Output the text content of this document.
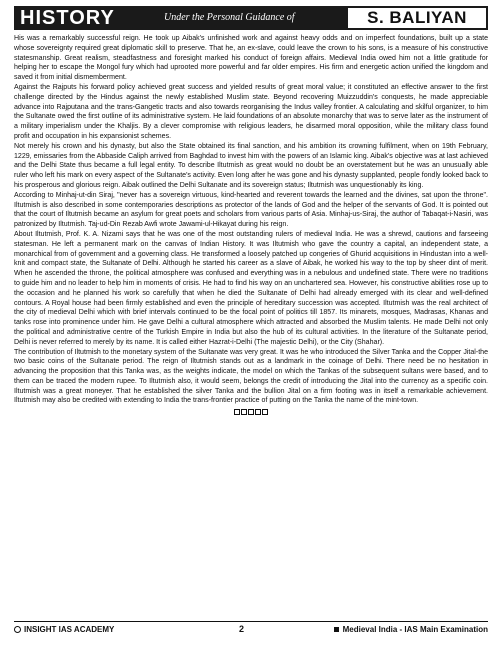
HISTORY	Under the Personal Guidance of	S. BALIYAN

His was a remarkably successful reign. He took up Aibak's unfinished work and against heavy odds and on imperfect foundations, built up a state whose sovereignty required great diplomatic skill to preserve. That he, an ex-slave, could leave the crown to his sons, is a measure of his constructive statesmanship. Great realism, steadfastness and foresight marked his conduct of foreign affairs. Medieval India owed him not a little gratitude for helping her to escape the Mongol fury which had uprooted more powerful and far older empires. His firm and energetic action unified the kingdom and saved it from initial dismemberment.

Against the Rajputs his forward policy achieved great success and yielded results of great moral value; it constituted an effective answer to the first challenge directed by the Hindus against the newly established Muslim state. Beyond recovering Muizzuddin's conquests, he made appreciable advance into Rajputana and the trans-Gangetic tracts and also towards reorganising the Indus valley frontier. A calculating and skilful organizer, to him the Sultanate owed the first outline of its administrative system. He laid foundations of an absolute monarchy that was to serve later as the instrument of a military imperialism under the Khaljis. By a clever compromise with religious leaders, he disarmed moral opposition, while the military class found profit and occupation in his expansionist schemes.

Not merely his crown and his dynasty, but also the State obtained its final sanction, and his ambition its crowning fulfilment, when on 19th February, 1229, emissaries from the Abbaside Caliph arrived from Baghdad to invest him with the powers of an Islamic king. Aibak's objective was at last achieved and the Delhi State thus became a full legal entity. To describe Iltutmish as great would no doubt be an overstatement but he was an unusually able ruler who left his mark on every aspect of the Sultanate's activity. Even long after he was gone and his dynasty supplanted, people fondly looked back to his prosperous and glorious reign. Aibak outlined the Delhi Sultanate and its sovereign status; Iltutmish was unquestionably its king.

According to Minhaj-ut-din Siraj, "never has a sovereign virtuous, kind-hearted and reverent towards the learned and the divines, sat upon the throne". Iltutmish is also described in some contemporaries descriptions as protector of the lands of God and the helper of the servants of God. It is pointed out that the court of Iltutmish became an asylum for great poets and scholars from various parts of Asia. Minhaj-us-Siraj, the author of Tabaqat-i-Nasiri, was patronized by Iltutmish. Taj-ud-Din Rezab Awfi wrote Jawami-ul-Hikayat during his reign.

About Iltutmish, Prof. K. A. Nizami says that he was one of the most outstanding rulers of medieval India. He was a shrewd, cautions and farseeing statesman. He left a permanent mark on the canvas of Indian History. It was Iltutmish who gave the country a capital, an independent state, a monarchical from of government and a governing class. He transformed a loosely patched up congeries of Ghurid acquisitions in Hindustan into a well-knit and compact state, the Sultanate of Delhi. Although he started his career as a slave of Aibak, he worked his way to the top by sheer dint of merit. When he ascended the throne, the political atmosphere was confused and everything was in a nebulous and undefined state. There were no traditions to guide him and no leader to help him in moments of crisis. He had to find his way on an unchartered sea. However, his constructive abilities rose up to the occasion and he planned his work so carefully that when he died the Sultanate of Delhi had already emerged with its clear and well-defined contours. A Royal house had been firmly established and even the principle of hereditary succession was accepted. Iltutmish was the real architect of the city of medieval Delhi which with brief intervals continued to be the focal point of politics till 1857. Its minarets, mosques, Madrasas, Khanas and tanks rose into prominence under him. He gave Delhi a cultural atmosphere which attracted and absorbed the Muslim talents. He made Delhi not only the political and administrative centre of the Turkish Empire in India but also the hub of its cultural activities. In the literature of the Sultanate period, Delhi is never referred to merely by its name. It is called either Hazrat-i-Delhi (The majestic Delhi), or the City (Shahar).

The contribution of Iltutmish to the monetary system of the Sultanate was very great. It was he who introduced the Silver Tanka and the Copper Jital-the two basic coins of the Sultanate period. The reign of Iltutmish stands out as a landmark in the coinage of Delhi. There need be no hesitation in advancing the proposition that this Tanka was, as the weights indicate, the model on which the Tankas of the subsequent sultans were based, and to them can be traced the modern rupee. To Iltutmish also, it would seem, belongs the credit of introducing the Jital into the currency as a specific coin. Iltutmish was a great moneyer. That he established the silver Tanka and the bullion Jital on a firm footing was in itself a remarkable achievement. Iltutmish may also be credited with extending to India the trans-frontier practice of putting on the Tanka the name of the mint-town.

INSIGHT IAS ACADEMY	2	Medieval India - IAS Main Examination
